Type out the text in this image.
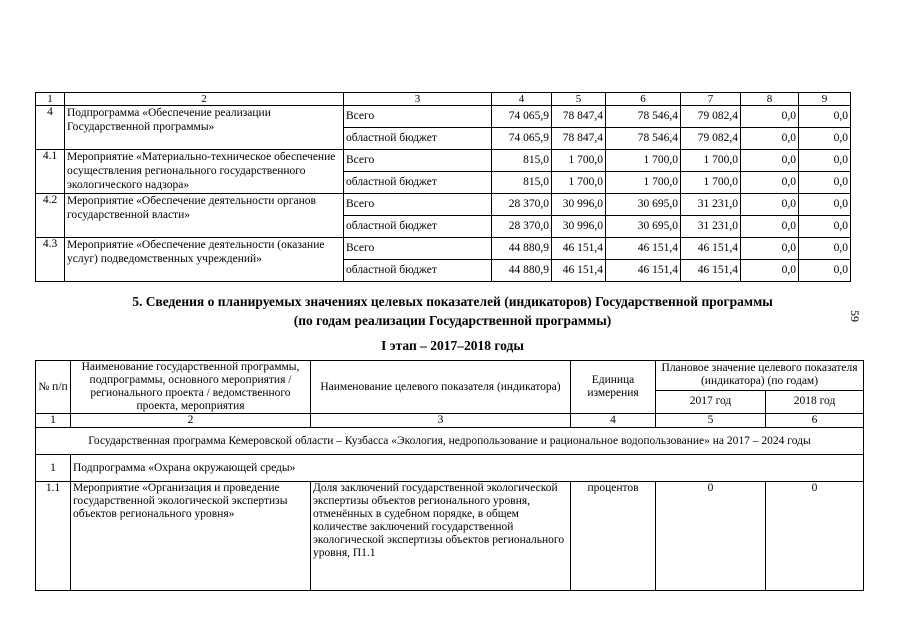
1	2	3	4	5	6	7	8	9
4	Подпрограмма «Обеспечение реализации Государственной программы»	Всего	74 065,9	78 847,4	78 546,4	79 082,4	0,0	0,0
		областной бюджет	74 065,9	78 847,4	78 546,4	79 082,4	0,0	0,0
4.1	Мероприятие «Материально-техническое обеспечение осуществления регионального государственного экологического надзора»	Всего	815,0	1 700,0	1 700,0	1 700,0	0,0	0,0
		областной бюджет	815,0	1 700,0	1 700,0	1 700,0	0,0	0,0
4.2	Мероприятие «Обеспечение деятельности органов государственной власти»	Всего	28 370,0	30 996,0	30 695,0	31 231,0	0,0	0,0
		областной бюджет	28 370,0	30 996,0	30 695,0	31 231,0	0,0	0,0
4.3	Мероприятие «Обеспечение деятельности (оказание услуг) подведомственных учреждений»	Всего	44 880,9	46 151,4	46 151,4	46 151,4	0,0	0,0
		областной бюджет	44 880,9	46 151,4	46 151,4	46 151,4	0,0	0,0
5. Сведения о планируемых значениях целевых показателей (индикаторов) Государственной программы
(по годам реализации Государственной программы)
I этап – 2017–2018 годы
59
№ п/п	Наименование государственной программы, подпрограммы, основного мероприятия / регионального проекта / ведомственного проекта, мероприятия	Наименование целевого показателя (индикатора)	Единица измерения	Плановое значение целевого показателя (индикатора) (по годам)	
				2017 год	2018 год
1	2	3	4	5	6
Государственная программа Кемеровской области – Кузбасса «Экология, недропользование и рациональное водопользование» на 2017 – 2024 годы					
1	Подпрограмма «Охрана окружающей среды»				
1.1	Мероприятие «Организация и проведение государственной экологической экспертизы объектов регионального уровня»	Доля заключений государственной экологической экспертизы объектов регионального уровня, отменённых в судебном порядке, в общем количестве заключений государственной экологической экспертизы объектов регионального уровня, П1.1	процентов	0	0
